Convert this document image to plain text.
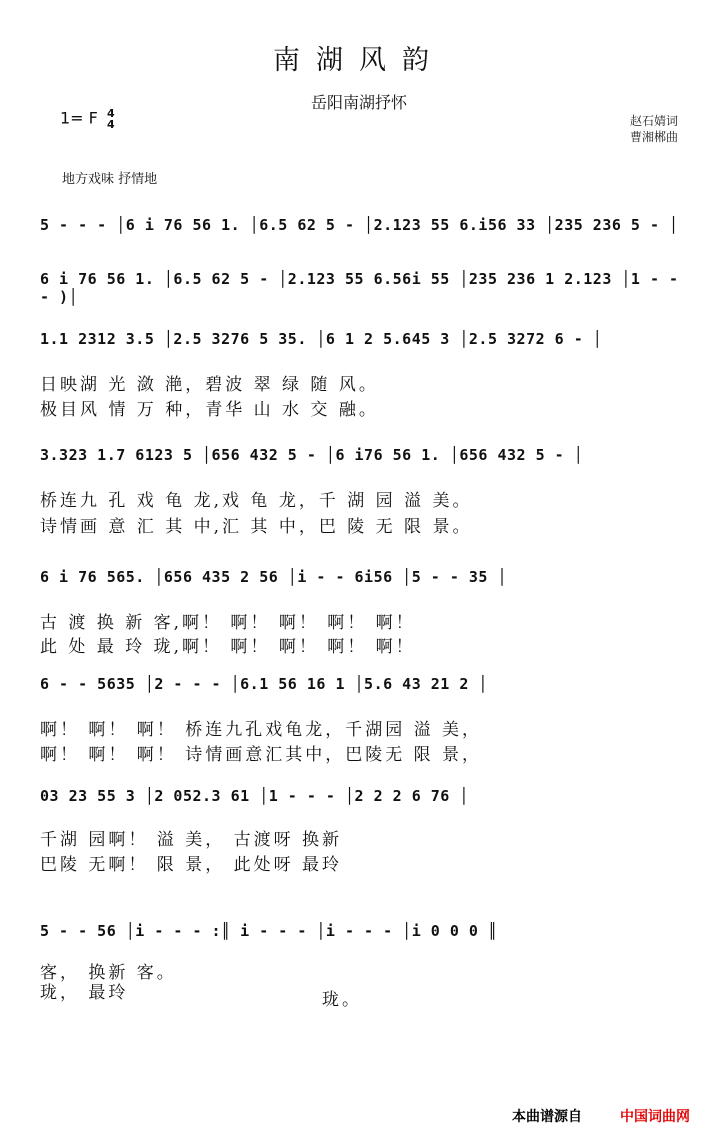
南湖风韵
岳阳南湖抒怀
1= F 4
4	赵石婧词
曹湘郴曲
地方戏味 抒情地
5 - - - │6 i 76 56 1. │6.5 62 5 - │2.123 55 6.i56 33 │235 236 5 - │
6 i 76 56 1. │6.5 62 5 - │2.123 55 6.56i 55 │235 236 1 2.123 │1 - - - )│
1.1 2312 3.5 │2.5 3276 5 35. │6 1 2 5.645 3 │2.5 3272 6 - │
日映湖 光 潋 滟，碧波 翠 绿 随 风。
极目风 情 万 种，青华 山 水 交 融。
3.323 1.7 6123 5 │656 432 5 - │6 i76 56 1. │656 432 5 - │
桥连九 孔 戏 龟 龙,戏 龟 龙，千 湖 园 溢 美。
诗情画 意 汇 其 中,汇 其 中，巴 陵 无 限 景。
6 i 76 565. │656 435 2 56 │i - - 6i56 │5 - - 35 │
古 渡 换 新 客,啊！ 啊！ 啊！ 啊！ 啊！
此 处 最 玲 珑,啊！ 啊！ 啊！ 啊！ 啊！
6 - - 5635 │2 - - - │6.1 56 16 1 │5.6 43 21 2 │
啊！ 啊！ 啊！ 桥连九孔戏龟龙，千湖园 溢 美，
啊！ 啊！ 啊！ 诗情画意汇其中，巴陵无 限 景，
03 23 55 3 │2 052.3 61 │1 - - - │2 2 2 6 76 │
千湖 园啊！ 溢 美， 古渡呀 换新
巴陵 无啊！ 限 景， 此处呀 最玲
5 - - 56 │i - - - :║ i - - - │i - - - │i 0 0 0 ║
客， 换新 客。
珑， 最玲	珑。
本曲谱源自	中国词曲网
